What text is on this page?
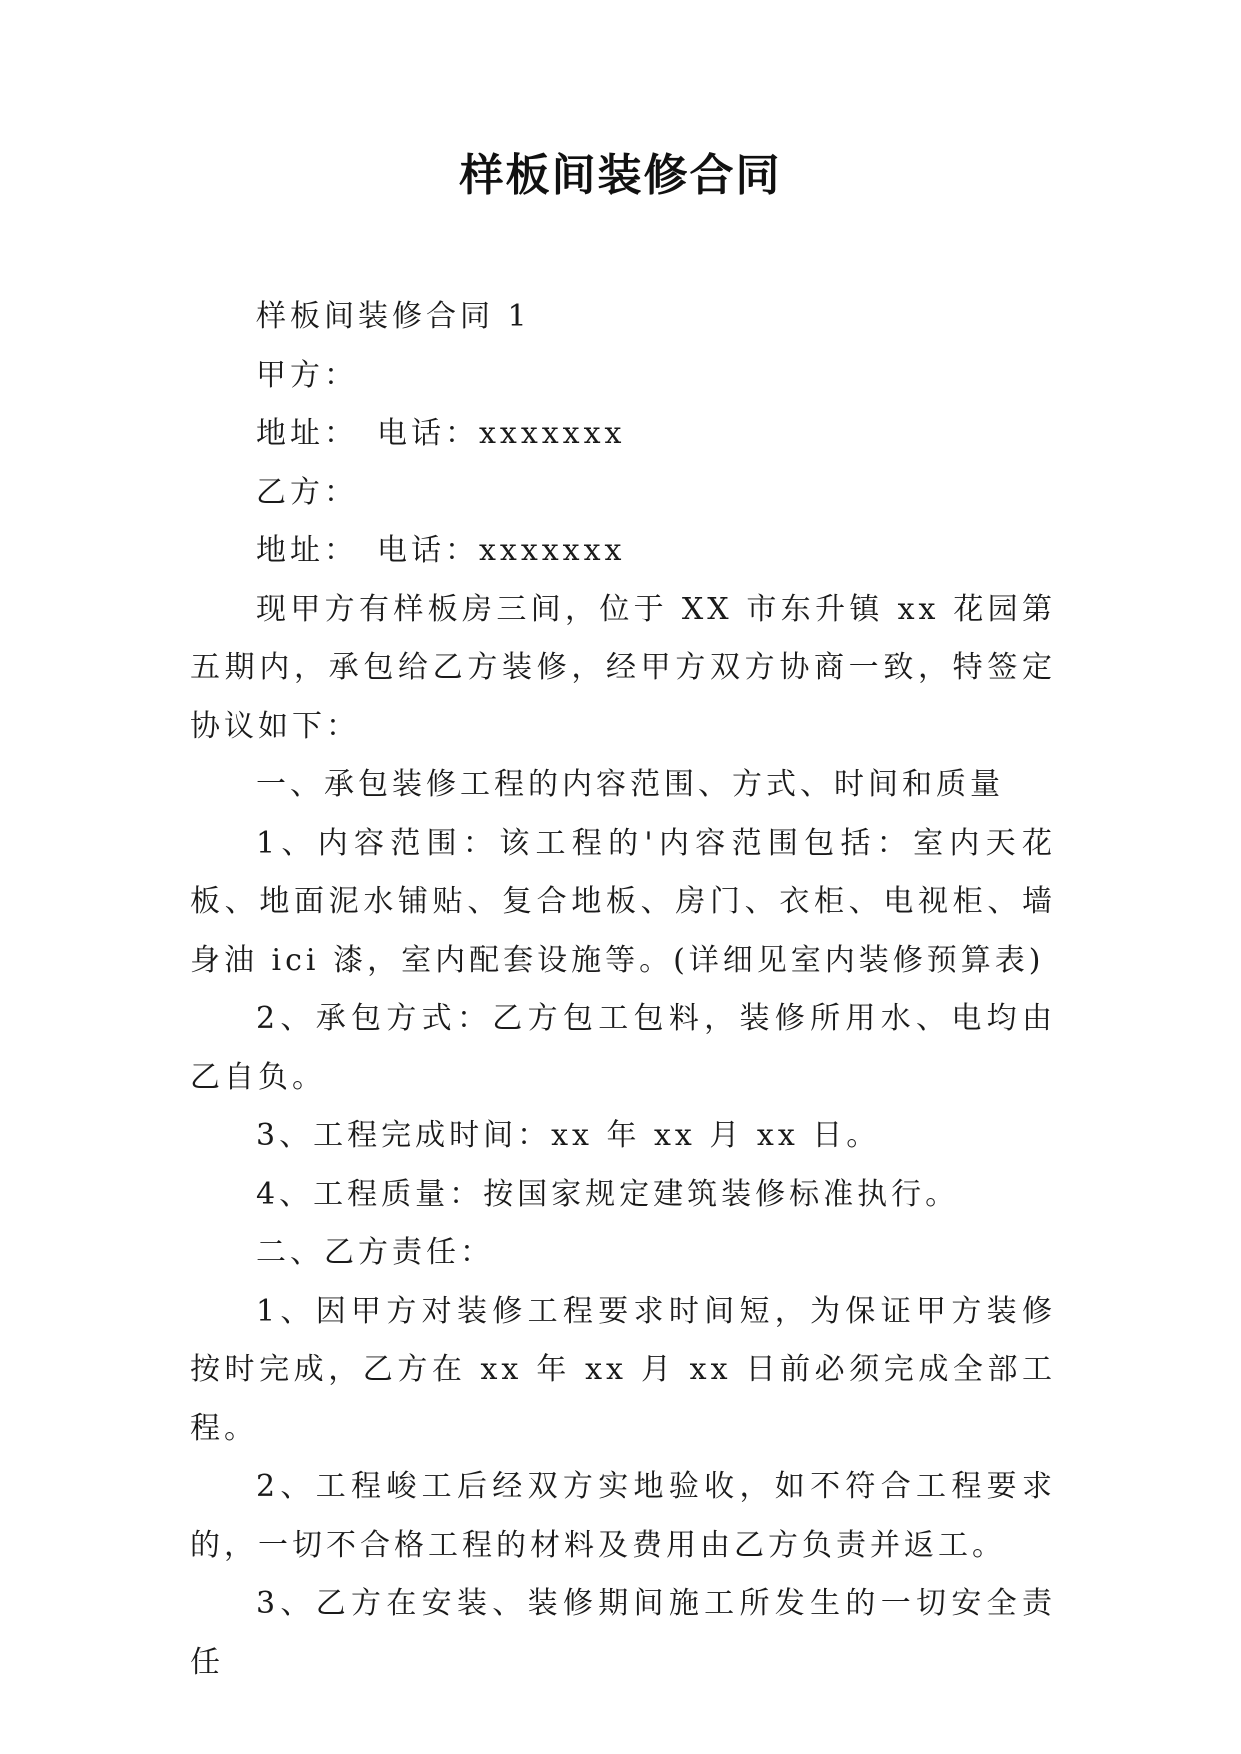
样板间装修合同

样板间装修合同 1

甲方：

地址：　电话：xxxxxxx

乙方：

地址：　电话：xxxxxxx

现甲方有样板房三间，位于 XX 市东升镇 xx 花园第五期内，承包给乙方装修，经甲方双方协商一致，特签定协议如下：

一、承包装修工程的内容范围、方式、时间和质量

1、内容范围：该工程的'内容范围包括：室内天花板、地面泥水铺贴、复合地板、房门、衣柜、电视柜、墙身油 ici 漆，室内配套设施等。(详细见室内装修预算表)

2、承包方式：乙方包工包料，装修所用水、电均由乙自负。

3、工程完成时间：xx 年 xx 月 xx 日。

4、工程质量：按国家规定建筑装修标准执行。

二、乙方责任：

1、因甲方对装修工程要求时间短，为保证甲方装修按时完成，乙方在 xx 年 xx 月 xx 日前必须完成全部工程。

2、工程峻工后经双方实地验收，如不符合工程要求的，一切不合格工程的材料及费用由乙方负责并返工。

3、乙方在安装、装修期间施工所发生的一切安全责任
